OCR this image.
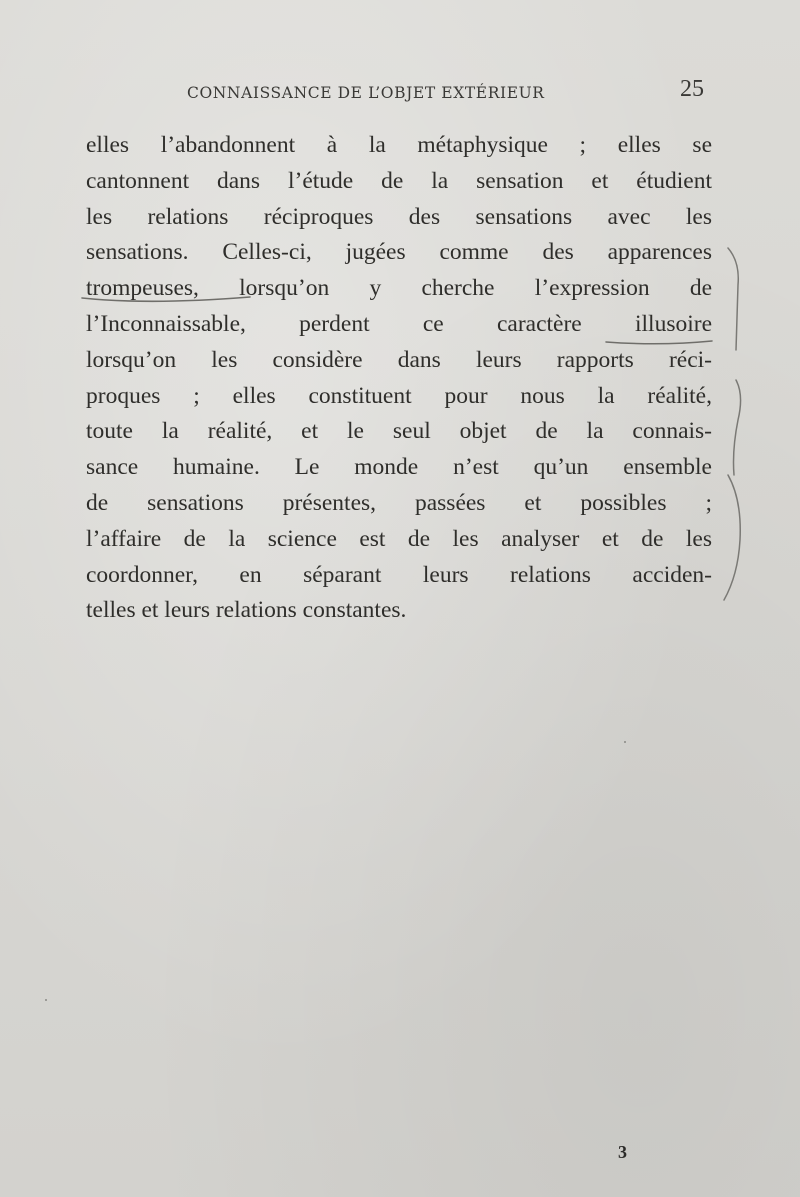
CONNAISSANCE DE L’OBJET EXTÉRIEUR	25
elles l’abandonnent à la métaphysique ; elles se
cantonnent dans l’étude de la sensation et étudient
les relations réciproques des sensations avec les
sensations. Celles-ci, jugées comme des apparences
trompeuses, lorsqu’on y cherche l’expression de
l’Inconnaissable, perdent ce caractère illusoire
lorsqu’on les considère dans leurs rapports réci-
proques ; elles constituent pour nous la réalité,
toute la réalité, et le seul objet de la connais-
sance humaine. Le monde n’est qu’un ensemble
de sensations présentes, passées et possibles ;
l’affaire de la science est de les analyser et de les
coordonner, en séparant leurs relations acciden-
telles et leurs relations constantes.
3
